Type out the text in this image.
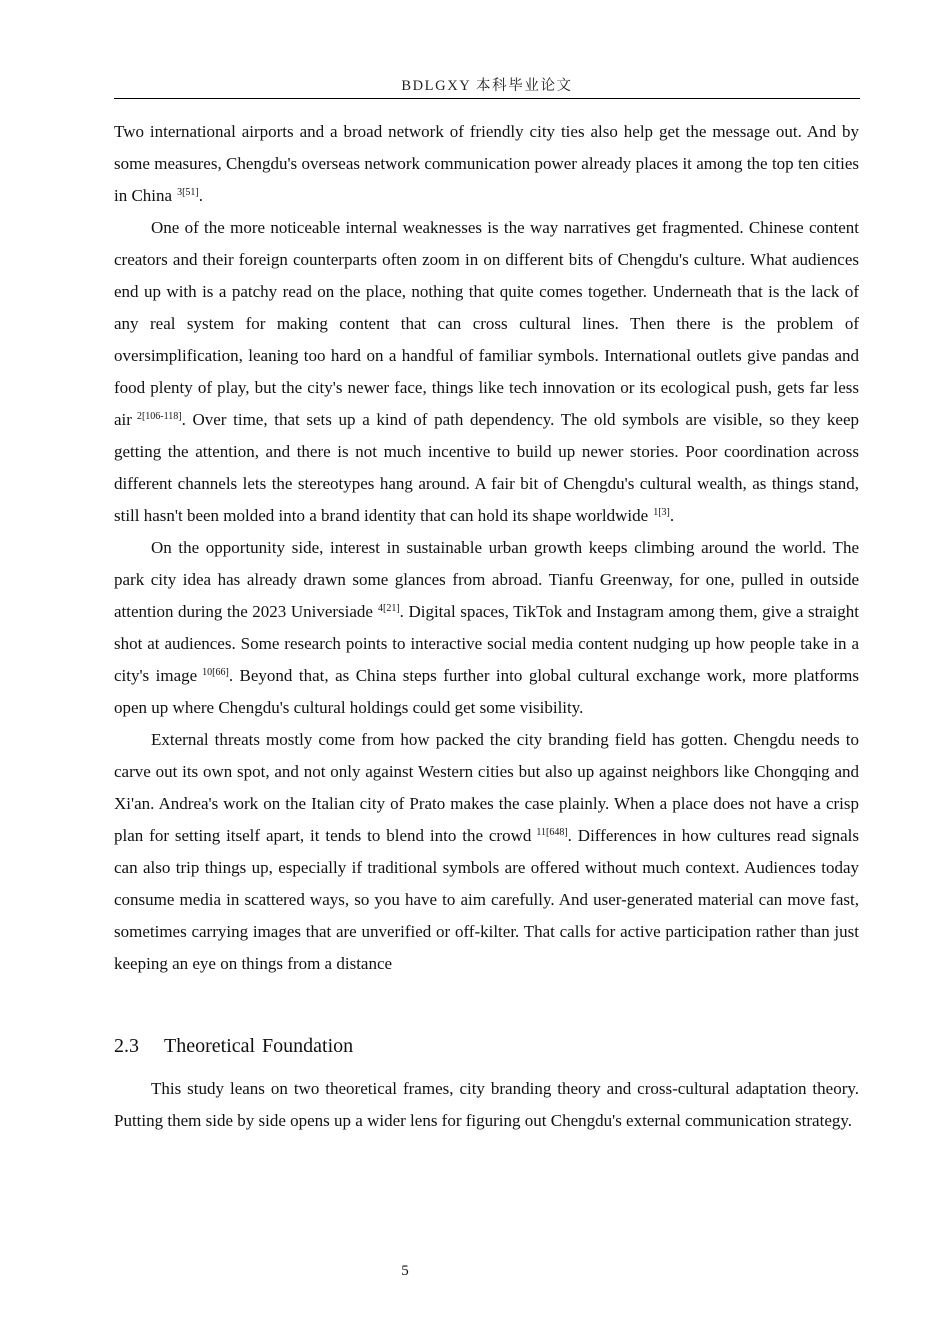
BDLGXY 本科毕业论文

Two international airports and a broad network of friendly city ties also help get the message out. And by some measures, Chengdu's overseas network communication power already places it among the top ten cities in China $^{3[51]}$.

One of the more noticeable internal weaknesses is the way narratives get fragmented. Chinese content creators and their foreign counterparts often zoom in on different bits of Chengdu's culture. What audiences end up with is a patchy read on the place, nothing that quite comes together. Underneath that is the lack of any real system for making content that can cross cultural lines. Then there is the problem of oversimplification, leaning too hard on a handful of familiar symbols. International outlets give pandas and food plenty of play, but the city's newer face, things like tech innovation or its ecological push, gets far less air $^{2[106-118]}$. Over time, that sets up a kind of path dependency. The old symbols are visible, so they keep getting the attention, and there is not much incentive to build up newer stories. Poor coordination across different channels lets the stereotypes hang around. A fair bit of Chengdu's cultural wealth, as things stand, still hasn't been molded into a brand identity that can hold its shape worldwide $^{1[3]}$.

On the opportunity side, interest in sustainable urban growth keeps climbing around the world. The park city idea has already drawn some glances from abroad. Tianfu Greenway, for one, pulled in outside attention during the 2023 Universiade $^{4[21]}$. Digital spaces, TikTok and Instagram among them, give a straight shot at audiences. Some research points to interactive social media content nudging up how people take in a city's image $^{10[66]}$. Beyond that, as China steps further into global cultural exchange work, more platforms open up where Chengdu's cultural holdings could get some visibility.

External threats mostly come from how packed the city branding field has gotten. Chengdu needs to carve out its own spot, and not only against Western cities but also up against neighbors like Chongqing and Xi'an. Andrea's work on the Italian city of Prato makes the case plainly. When a place does not have a crisp plan for setting itself apart, it tends to blend into the crowd $^{11[648]}$. Differences in how cultures read signals can also trip things up, especially if traditional symbols are offered without much context. Audiences today consume media in scattered ways, so you have to aim carefully. And user-generated material can move fast, sometimes carrying images that are unverified or off-kilter. That calls for active participation rather than just keeping an eye on things from a distance

2.3 Theoretical Foundation

This study leans on two theoretical frames, city branding theory and cross-cultural adaptation theory. Putting them side by side opens up a wider lens for figuring out Chengdu's external communication strategy.

5
